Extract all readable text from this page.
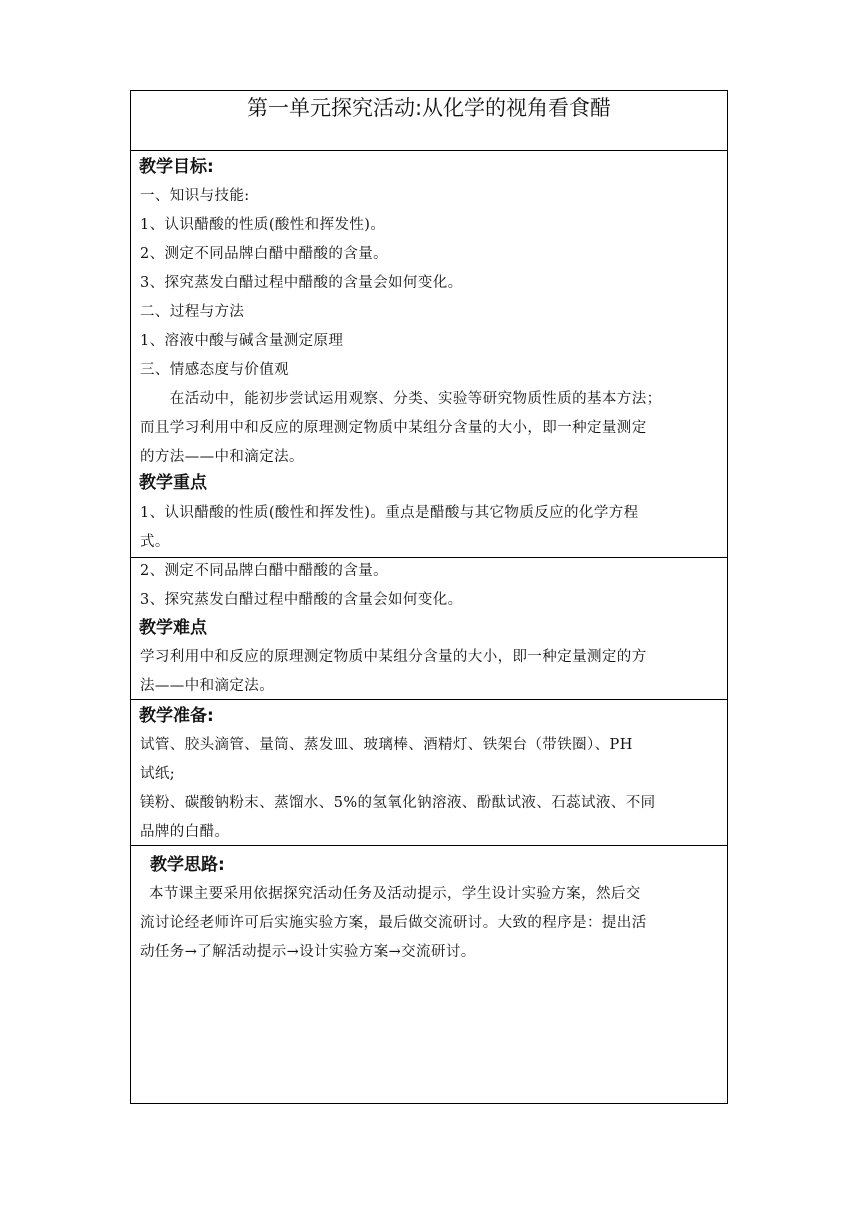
第一单元探究活动:从化学的视角看食醋
教学目标:
一、知识与技能:
1、认识醋酸的性质(酸性和挥发性)。
2、测定不同品牌白醋中醋酸的含量。
3、探究蒸发白醋过程中醋酸的含量会如何变化。
二、过程与方法
1、溶液中酸与碱含量测定原理
三、情感态度与价值观
　　在活动中，能初步尝试运用观察、分类、实验等研究物质性质的基本方法；
而且学习利用中和反应的原理测定物质中某组分含量的大小，即一种定量测定
的方法——中和滴定法。
教学重点
1、认识醋酸的性质(酸性和挥发性)。重点是醋酸与其它物质反应的化学方程
式。
2、测定不同品牌白醋中醋酸的含量。
3、探究蒸发白醋过程中醋酸的含量会如何变化。
教学难点
学习利用中和反应的原理测定物质中某组分含量的大小，即一种定量测定的方
法——中和滴定法。
教学准备:
试管、胶头滴管、量筒、蒸发皿、玻璃棒、酒精灯、铁架台（带铁圈）、PH
试纸;
镁粉、碳酸钠粉末、蒸馏水、5%的氢氧化钠溶液、酚酞试液、石蕊试液、不同
品牌的白醋。
教学思路:
本节课主要采用依据探究活动任务及活动提示，学生设计实验方案，然后交
流讨论经老师许可后实施实验方案，最后做交流研讨。大致的程序是：提出活
动任务→了解活动提示→设计实验方案→交流研讨。
